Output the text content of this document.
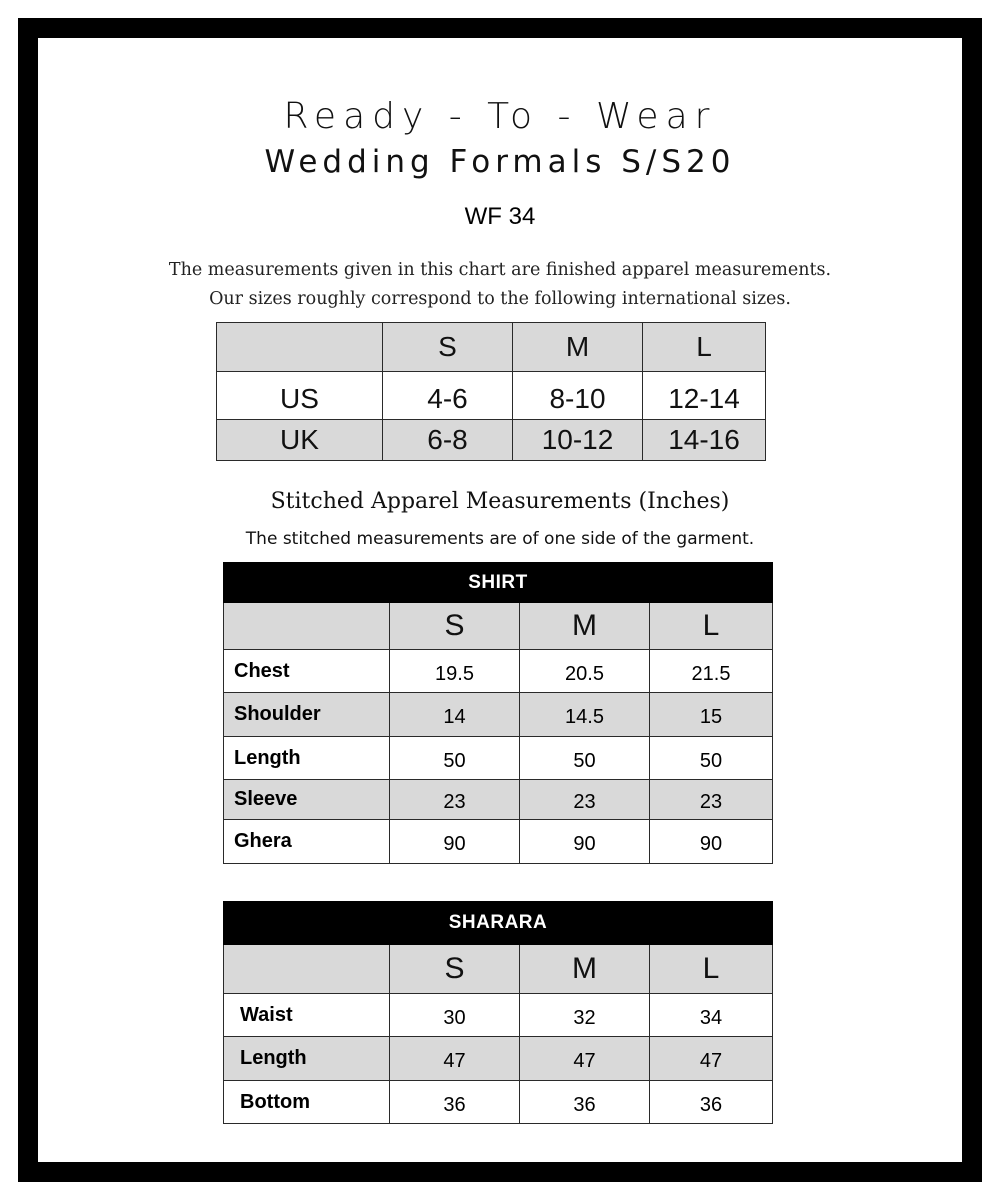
Ready - To - Wear
Wedding Formals S/S20
WF 34
The measurements given in this chart are finished apparel measurements.
Our sizes roughly correspond to the following international sizes.
	S	M	L
US	4-6	8-10	12-14
UK	6-8	10-12	14-16
Stitched Apparel Measurements (Inches)
The stitched measurements are of one side of the garment.
SHIRT			
	S	M	L
Chest	19.5	20.5	21.5
Shoulder	14	14.5	15
Length	50	50	50
Sleeve	23	23	23
Ghera	90	90	90
SHARARA			
	S	M	L
Waist	30	32	34
Length	47	47	47
Bottom	36	36	36
